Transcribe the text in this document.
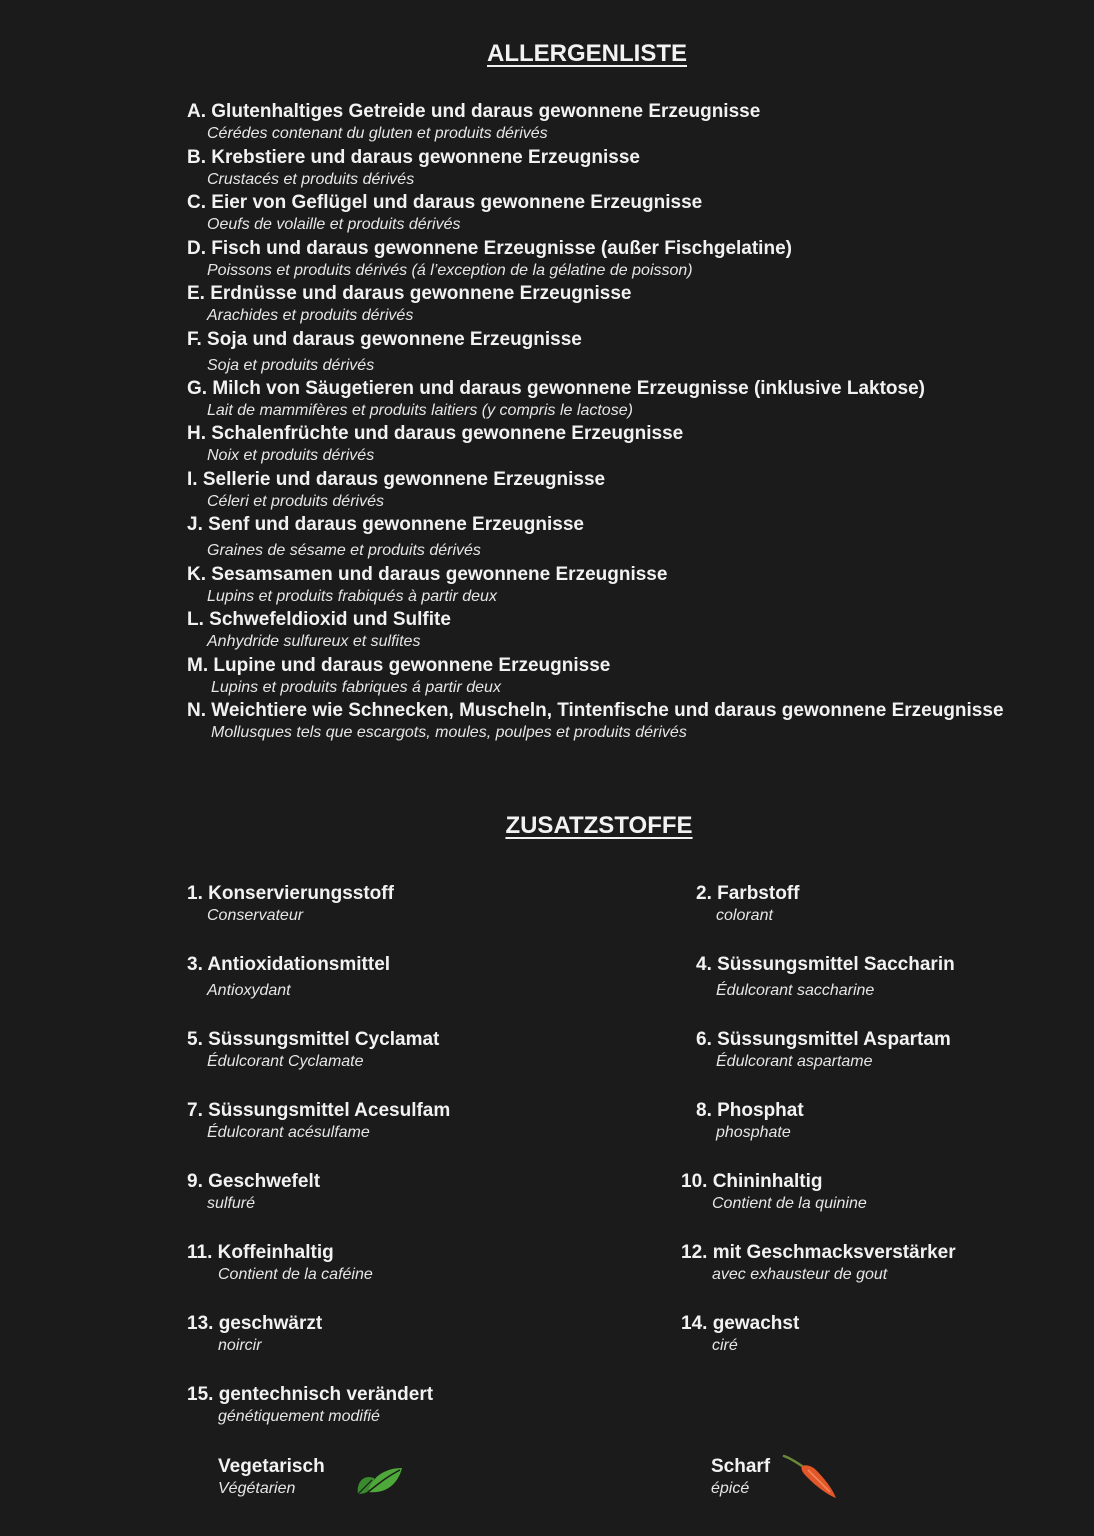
ALLERGENLISTE
A. Glutenhaltiges Getreide und daraus gewonnene Erzeugnisse
Cérédes contenant du gluten et produits dérivés
B. Krebstiere und daraus gewonnene Erzeugnisse
Crustacés et produits dérivés
C. Eier von Geflügel und daraus gewonnene Erzeugnisse
Oeufs de volaille et produits dérivés
D. Fisch und daraus gewonnene Erzeugnisse (außer Fischgelatine)
Poissons et produits dérivés (á l’exception de la gélatine de poisson)
E. Erdnüsse und daraus gewonnene Erzeugnisse
Arachides et produits dérivés
F. Soja und daraus gewonnene Erzeugnisse
Soja et produits dérivés
G. Milch von Säugetieren und daraus gewonnene Erzeugnisse (inklusive Laktose)
Lait de mammifères et produits laitiers (y compris le lactose)
H. Schalenfrüchte und daraus gewonnene Erzeugnisse
Noix et produits dérivés
I. Sellerie und daraus gewonnene Erzeugnisse
Céleri et produits dérivés
J. Senf und daraus gewonnene Erzeugnisse
Graines de sésame et produits dérivés
K. Sesamsamen und daraus gewonnene Erzeugnisse
Lupins et produits frabiqués à partir deux
L. Schwefeldioxid und Sulfite
Anhydride sulfureux et sulfites
M. Lupine und daraus gewonnene Erzeugnisse
Lupins et produits fabriques á partir deux
N. Weichtiere wie Schnecken, Muscheln, Tintenfische und daraus gewonnene Erzeugnisse
Mollusques tels que escargots, moules, poulpes et produits dérivés
ZUSATZSTOFFE
1. Konservierungsstoff
Conservateur
2. Farbstoff
colorant
3. Antioxidationsmittel
Antioxydant
4. Süssungsmittel Saccharin
Édulcorant saccharine
5. Süssungsmittel Cyclamat
Édulcorant Cyclamate
6. Süssungsmittel Aspartam
Édulcorant aspartame
7. Süssungsmittel Acesulfam
Édulcorant acésulfame
8. Phosphat
phosphate
9. Geschwefelt
sulfuré
10. Chininhaltig
Contient de la quinine
11. Koffeinhaltig
Contient de la caféine
12. mit Geschmacksverstärker
avec exhausteur de gout
13. geschwärzt
noircir
14. gewachst
ciré
15. gentechnisch verändert
génétiquement modifié
Vegetarisch
Végétarien
Scharf
épicé
